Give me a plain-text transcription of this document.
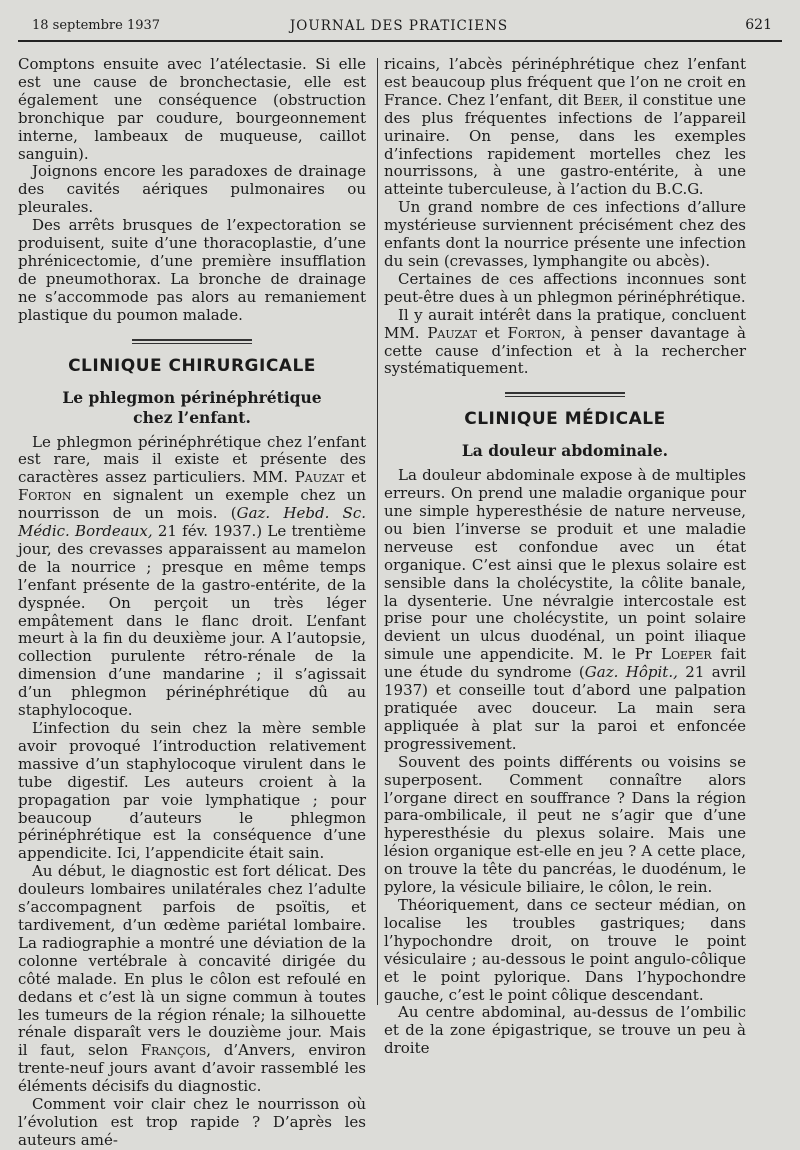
18 septembre 1937	JOURNAL DES PRATICIENS	621

Comptons ensuite avec l’atélectasie. Si elle est une cause de bronchectasie, elle est également une conséquence (obstruction bronchique par coudure, bourgeonnement interne, lambeaux de muqueuse, caillot sanguin).

Joignons encore les paradoxes de drainage des cavités aériques pulmonaires ou pleurales.

Des arrêts brusques de l’expectoration se produisent, suite d’une thoracoplastie, d’une phrénicectomie, d’une première insufflation de pneumothorax. La bronche de drainage ne s’accommode pas alors au remaniement plastique du poumon malade.

CLINIQUE CHIRURGICALE
Le phlegmon périnéphrétique
chez l’enfant.

Le phlegmon périnéphrétique chez l’enfant est rare, mais il existe et présente des caractères assez particuliers. MM. Pauzat et Forton en signalent un exemple chez un nourrisson de un mois. (Gaz. Hebd. Sc. Médic. Bordeaux, 21 fév. 1937.) Le trentième jour, des crevasses apparaissent au mamelon de la nourrice ; presque en même temps l’enfant présente de la gastro-entérite, de la dyspnée. On perçoit un très léger empâtement dans le flanc droit. L’enfant meurt à la fin du deuxième jour. A l’autopsie, collection purulente rétro-rénale de la dimension d’une mandarine ; il s’agissait d’un phlegmon périnéphrétique dû au staphylocoque.

L’infection du sein chez la mère semble avoir provoqué l’introduction relativement massive d’un staphylocoque virulent dans le tube digestif. Les auteurs croient à la propagation par voie lymphatique ; pour beaucoup d’auteurs le phlegmon périnéphrétique est la conséquence d’une appendicite. Ici, l’appendicite était sain.

Au début, le diagnostic est fort délicat. Des douleurs lombaires unilatérales chez l’adulte s’accompagnent parfois de psoïtis, et tardivement, d’un œdème pariétal lombaire. La radiographie a montré une déviation de la colonne vertébrale à concavité dirigée du côté malade. En plus le côlon est refoulé en dedans et c’est là un signe commun à toutes les tumeurs de la région rénale; la silhouette rénale disparaît vers le douzième jour. Mais il faut, selon François, d’Anvers, environ trente-neuf jours avant d’avoir rassemblé les éléments décisifs du diagnostic.

Comment voir clair chez le nourrisson où l’évolution est trop rapide ? D’après les auteurs amé-

ricains, l’abcès périnéphrétique chez l’enfant est beaucoup plus fréquent que l’on ne croit en France. Chez l’enfant, dit Beer, il constitue une des plus fréquentes infections de l’appareil urinaire. On pense, dans les exemples d’infections rapidement mortelles chez les nourrissons, à une gastro-entérite, à une atteinte tuberculeuse, à l’action du B.C.G.

Un grand nombre de ces infections d’allure mystérieuse surviennent précisément chez des enfants dont la nourrice présente une infection du sein (crevasses, lymphangite ou abcès).

Certaines de ces affections inconnues sont peut-être dues à un phlegmon périnéphrétique.

Il y aurait intérêt dans la pratique, concluent MM. Pauzat et Forton, à penser davantage à cette cause d’infection et à la rechercher systématiquement.

CLINIQUE MÉDICALE
La douleur abdominale.

La douleur abdominale expose à de multiples erreurs. On prend une maladie organique pour une simple hyperesthésie de nature nerveuse, ou bien l’inverse se produit et une maladie nerveuse est confondue avec un état organique. C’est ainsi que le plexus solaire est sensible dans la cholécystite, la côlite banale, la dysenterie. Une névralgie intercostale est prise pour une cholécystite, un point solaire devient un ulcus duodénal, un point iliaque simule une appendicite. M. le Pr Loeper fait une étude du syndrome (Gaz. Hôpit., 21 avril 1937) et conseille tout d’abord une palpation pratiquée avec douceur. La main sera appliquée à plat sur la paroi et enfoncée progressivement.

Souvent des points différents ou voisins se superposent. Comment connaître alors l’organe direct en souffrance ? Dans la région para-ombilicale, il peut ne s’agir que d’une hyperesthésie du plexus solaire. Mais une lésion organique est-elle en jeu ? A cette place, on trouve la tête du pancréas, le duodénum, le pylore, la vésicule biliaire, le côlon, le rein.

Théoriquement, dans ce secteur médian, on localise les troubles gastriques; dans l’hypochondre droit, on trouve le point vésiculaire ; au-dessous le point angulo-côlique et le point pylorique. Dans l’hypochondre gauche, c’est le point côlique descendant.

Au centre abdominal, au-dessus de l’ombilic et de la zone épigastrique, se trouve un peu à droite
